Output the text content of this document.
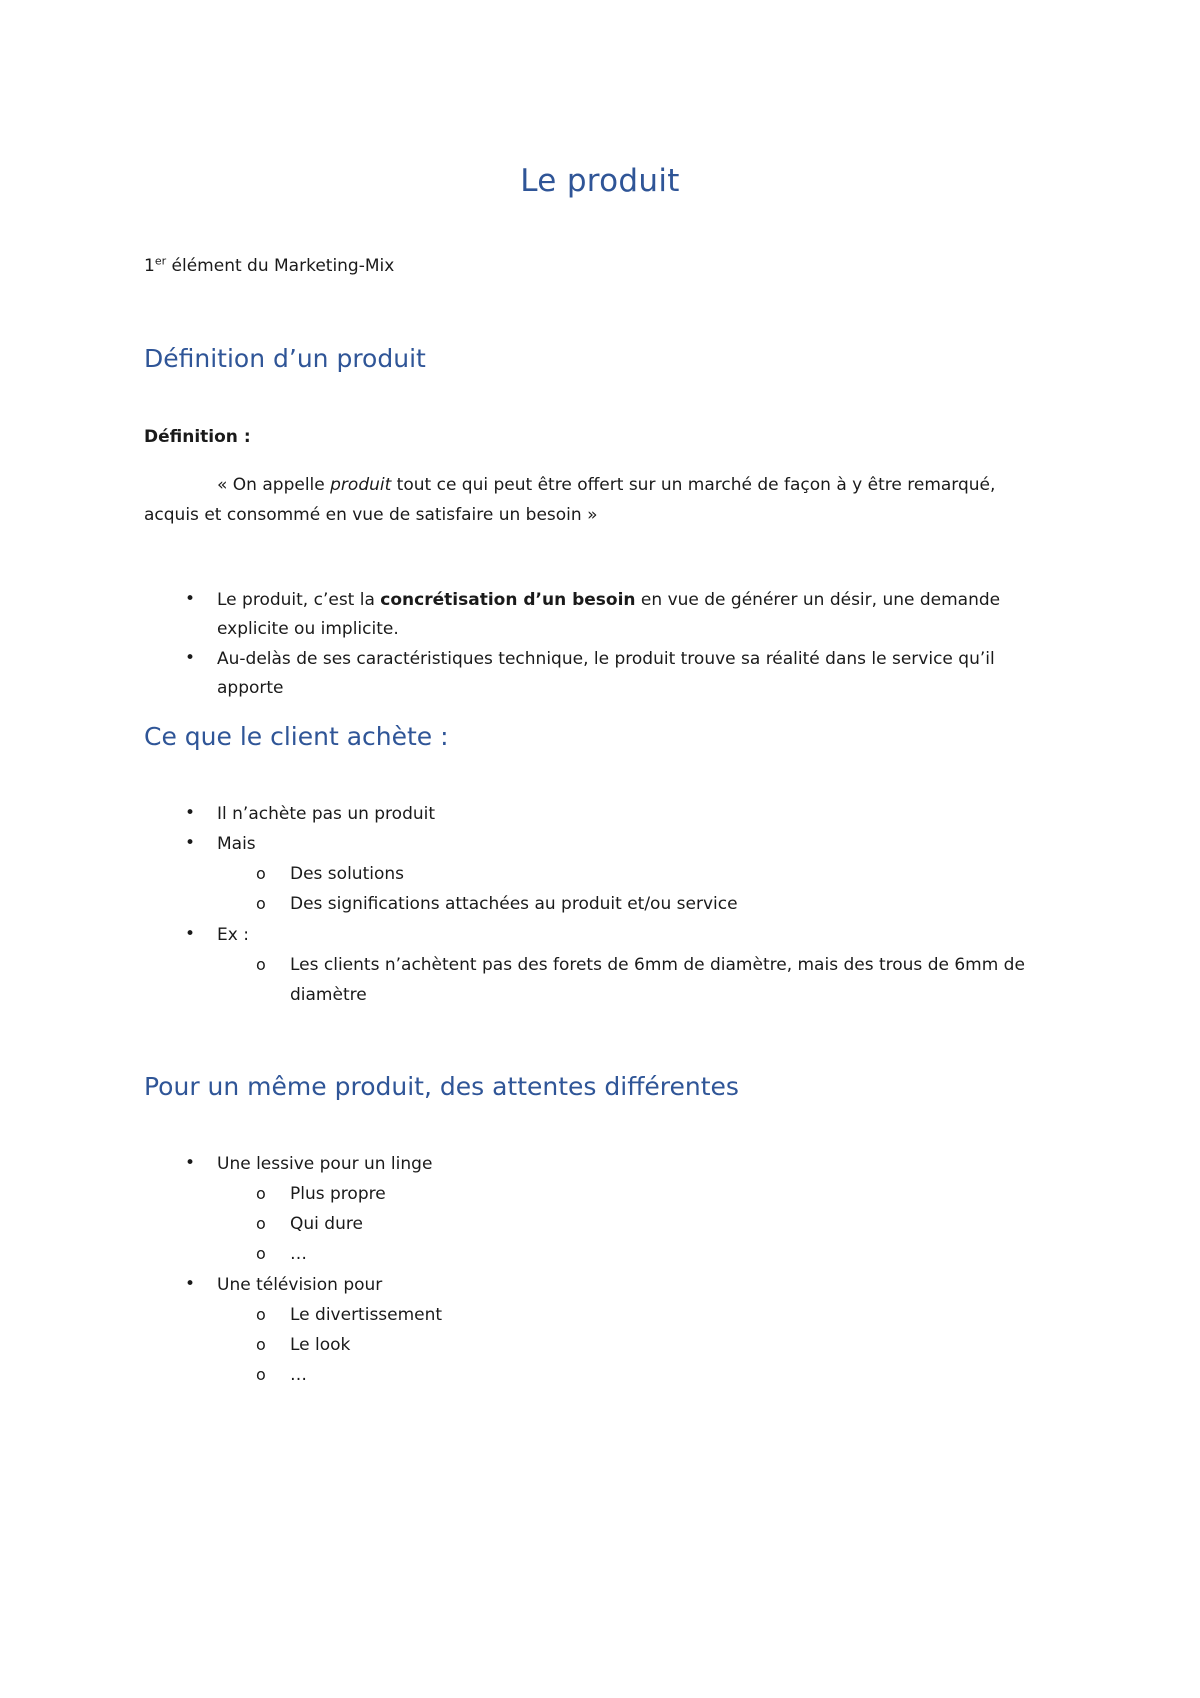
Le produit
1er élément du Marketing-Mix
Définition d’un produit
Définition :
« On appelle produit tout ce qui peut être offert sur un marché de façon à y être remarqué,
acquis et consommé en vue de satisfaire un besoin »
• Le produit, c’est la concrétisation d’un besoin en vue de générer un désir, une demande
explicite ou implicite.
• Au-delàs de ses caractéristiques technique, le produit trouve sa réalité dans le service qu’il
apporte
Ce que le client achète :
• Il n’achète pas un produit
• Mais
o Des solutions
o Des significations attachées au produit et/ou service
• Ex :
o Les clients n’achètent pas des forets de 6mm de diamètre, mais des trous de 6mm de
diamètre
Pour un même produit, des attentes différentes
• Une lessive pour un linge
o Plus propre
o Qui dure
o …
• Une télévision pour
o Le divertissement
o Le look
o …
